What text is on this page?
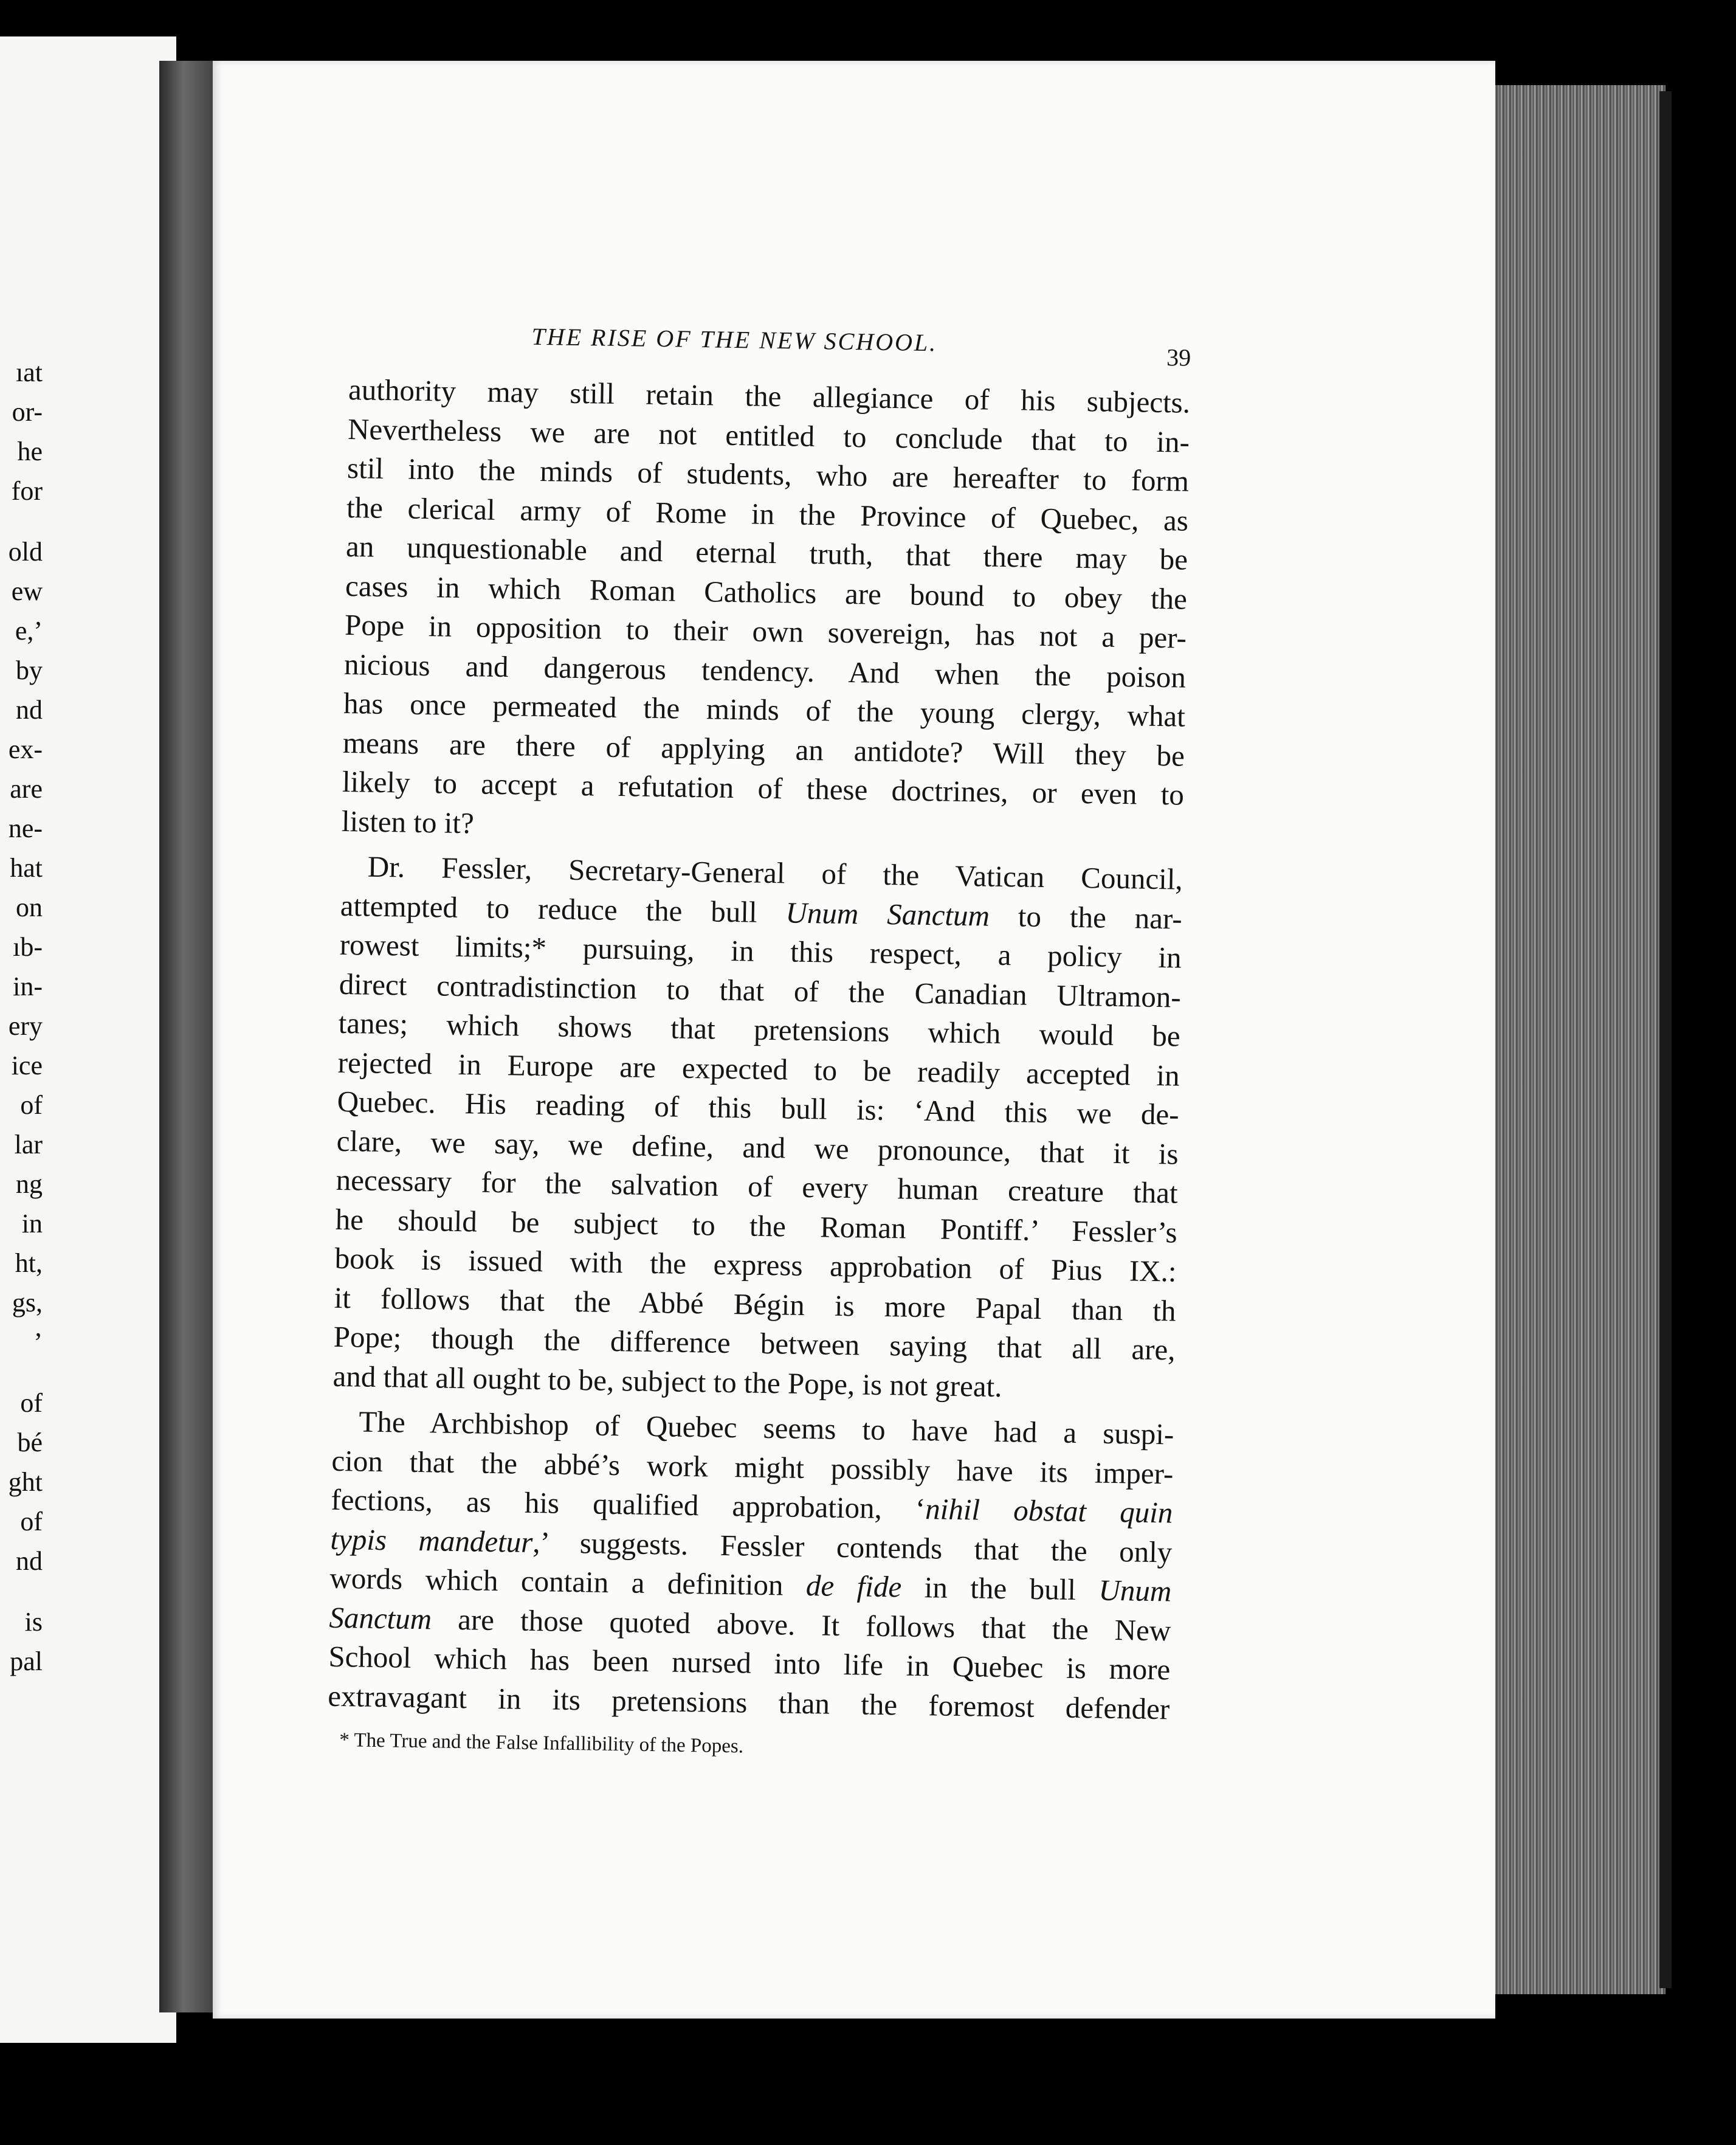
ıat
or-
he
for
old
ew
e,’
by
nd
ex-
are
ne-
hat
on
ıb-
in-
ery
ice
of
lar
ng
in
ht,
gs,
’
of
bé
ght
of
nd
is
pal
THE RISE OF THE NEW SCHOOL.
39
authority may still retain the allegiance of his subjects.
Nevertheless we are not entitled to conclude that to in-
stil into the minds of students, who are hereafter to form
the clerical army of Rome in the Province of Quebec, as
an unquestionable and eternal truth, that there may be
cases in which Roman Catholics are bound to obey the
Pope in opposition to their own sovereign, has not a per-
nicious and dangerous tendency. And when the poison
has once permeated the minds of the young clergy, what
means are there of applying an antidote? Will they be
likely to accept a refutation of these doctrines, or even to
listen to it?
Dr. Fessler, Secretary-General of the Vatican Council,
attempted to reduce the bull Unum Sanctum to the nar-
rowest limits;* pursuing, in this respect, a policy in
direct contradistinction to that of the Canadian Ultramon-
tanes; which shows that pretensions which would be
rejected in Europe are expected to be readily accepted in
Quebec. His reading of this bull is: ‘And this we de-
clare, we say, we define, and we pronounce, that it is
necessary for the salvation of every human creature that
he should be subject to the Roman Pontiff.’ Fessler’s
book is issued with the express approbation of Pius IX.:
it follows that the Abbé Bégin is more Papal than th
Pope; though the difference between saying that all are,
and that all ought to be, subject to the Pope, is not great.
The Archbishop of Quebec seems to have had a suspi-
cion that the abbé’s work might possibly have its imper-
fections, as his qualified approbation, ‘nihil obstat quin
typis mandetur,’ suggests. Fessler contends that the only
words which contain a definition de fide in the bull Unum
Sanctum are those quoted above. It follows that the New
School which has been nursed into life in Quebec is more
extravagant in its pretensions than the foremost defender
* The True and the False Infallibility of the Popes.
